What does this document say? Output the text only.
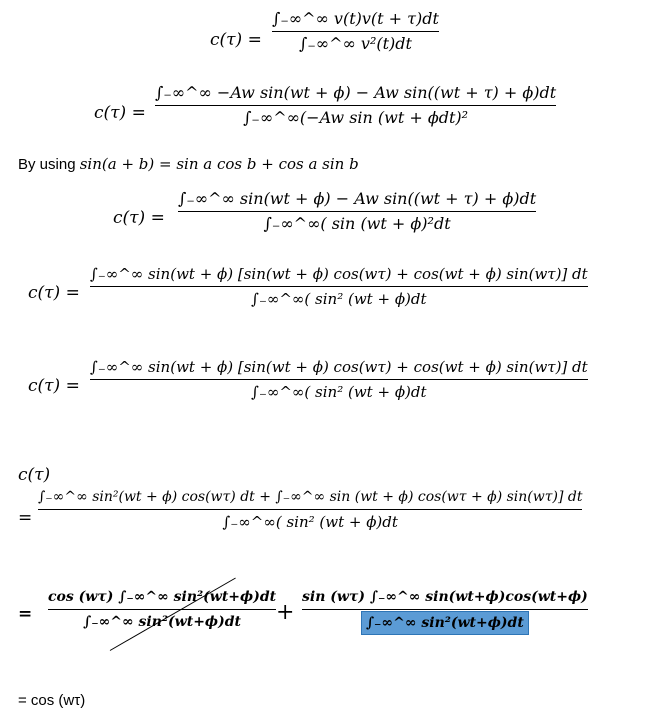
c(τ) =
∫₋∞^∞ v(t)v(t + τ)dt
∫₋∞^∞ v²(t)dt
c(τ) =
∫₋∞^∞ −Aw sin(wt + ϕ) − Aw sin((wt + τ) + ϕ)dt
∫₋∞^∞(−Aw sin (wt + ϕdt)²
By using sin(a + b) = sin a cos b + cos a sin b
c(τ) =
∫₋∞^∞ sin(wt + ϕ) − Aw sin((wt + τ) + ϕ)dt
∫₋∞^∞( sin (wt + ϕ)²dt
c(τ) =
∫₋∞^∞ sin(wt + ϕ) [sin(wt + ϕ) cos(wτ) + cos(wt + ϕ) sin(wτ)] dt
∫₋∞^∞( sin² (wt + ϕ)dt
c(τ) =
∫₋∞^∞ sin(wt + ϕ) [sin(wt + ϕ) cos(wτ) + cos(wt + ϕ) sin(wτ)] dt
∫₋∞^∞( sin² (wt + ϕ)dt
c(τ)
=
∫₋∞^∞ sin²(wt + ϕ) cos(wτ) dt + ∫₋∞^∞ sin (wt + ϕ) cos(wτ + ϕ) sin(wτ)] dt
∫₋∞^∞( sin² (wt + ϕ)dt
=
cos (wτ) ∫₋∞^∞ sin²(wt+ϕ)dt
∫₋∞^∞ $\sin^2(wt+\phi)dt + \frac{\sin (w\tau) \int_-\infty\^{}\infty \sin(wt+\phi)\cos(wt+\phi)}{\text{∫₋∞\textasciicircum{}∞ sin²(wt+ϕ)dt}}$
= cos (wτ)
